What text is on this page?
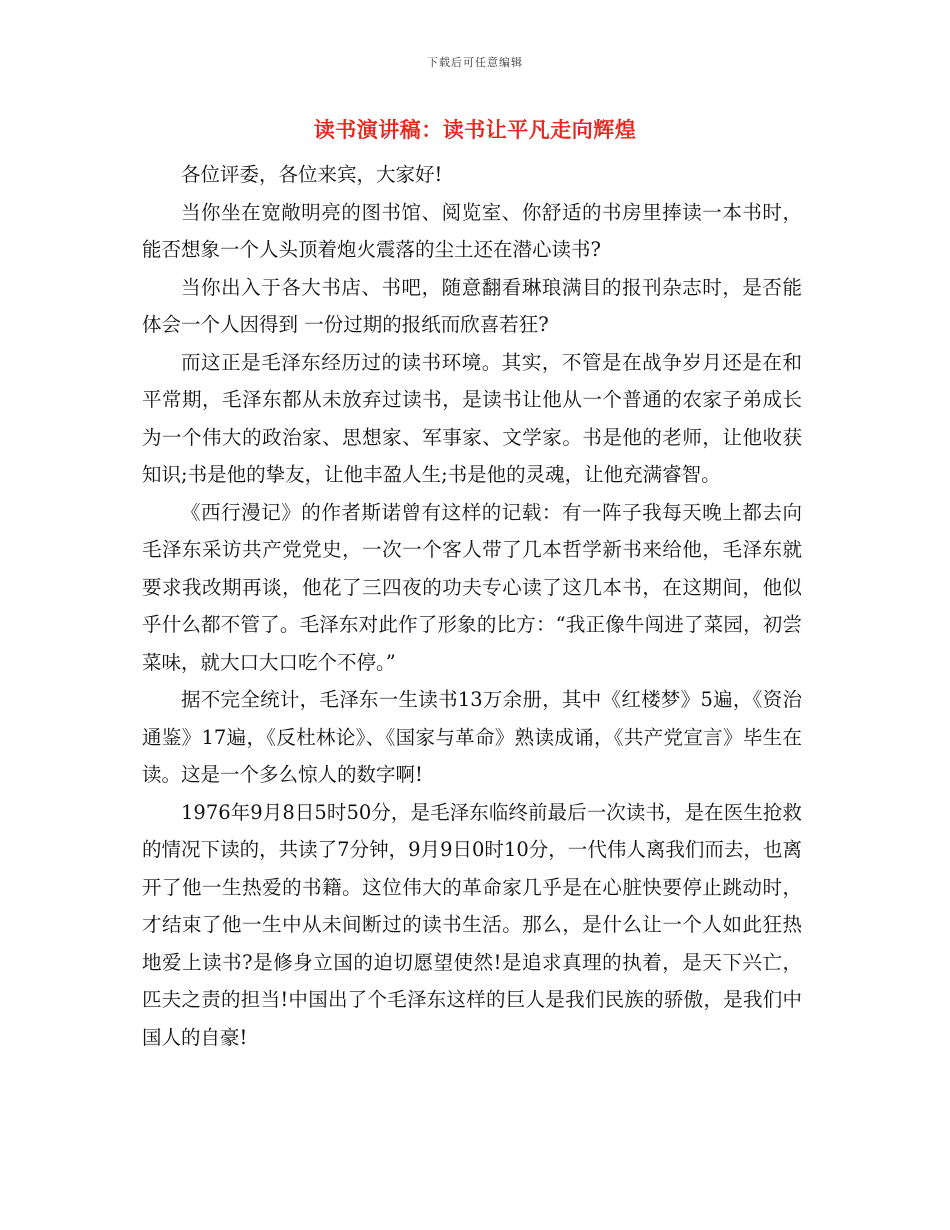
下载后可任意编辑
读书演讲稿：读书让平凡走向辉煌

各位评委，各位来宾，大家好!

当你坐在宽敞明亮的图书馆、阅览室、你舒适的书房里捧读一本书时，能否想象一个人头顶着炮火震落的尘土还在潜心读书?

当你出入于各大书店、书吧，随意翻看琳琅满目的报刊杂志时，是否能体会一个人因得到 一份过期的报纸而欣喜若狂?

而这正是毛泽东经历过的读书环境。其实，不管是在战争岁月还是在和平常期，毛泽东都从未放弃过读书，是读书让他从一个普通的农家子弟成长为一个伟大的政治家、思想家、军事家、文学家。书是他的老师，让他收获知识;书是他的挚友，让他丰盈人生;书是他的灵魂，让他充满睿智。

《西行漫记》的作者斯诺曾有这样的记载：有一阵子我每天晚上都去向毛泽东采访共产党党史，一次一个客人带了几本哲学新书来给他，毛泽东就要求我改期再谈，他花了三四夜的功夫专心读了这几本书，在这期间，他似乎什么都不管了。毛泽东对此作了形象的比方：“我正像牛闯进了菜园，初尝菜味，就大口大口吃个不停。”

据不完全统计，毛泽东一生读书13万余册，其中《红楼梦》5遍，《资治通鉴》17遍，《反杜林论》、《国家与革命》熟读成诵，《共产党宣言》毕生在读。这是一个多么惊人的数字啊!

1976年9月8日5时50分，是毛泽东临终前最后一次读书，是在医生抢救的情况下读的，共读了7分钟，9月9日0时10分，一代伟人离我们而去，也离开了他一生热爱的书籍。这位伟大的革命家几乎是在心脏快要停止跳动时，才结束了他一生中从未间断过的读书生活。那么，是什么让一个人如此狂热地爱上读书?是修身立国的迫切愿望使然!是追求真理的执着，是天下兴亡，匹夫之责的担当!中国出了个毛泽东这样的巨人是我们民族的骄傲，是我们中国人的自豪!
